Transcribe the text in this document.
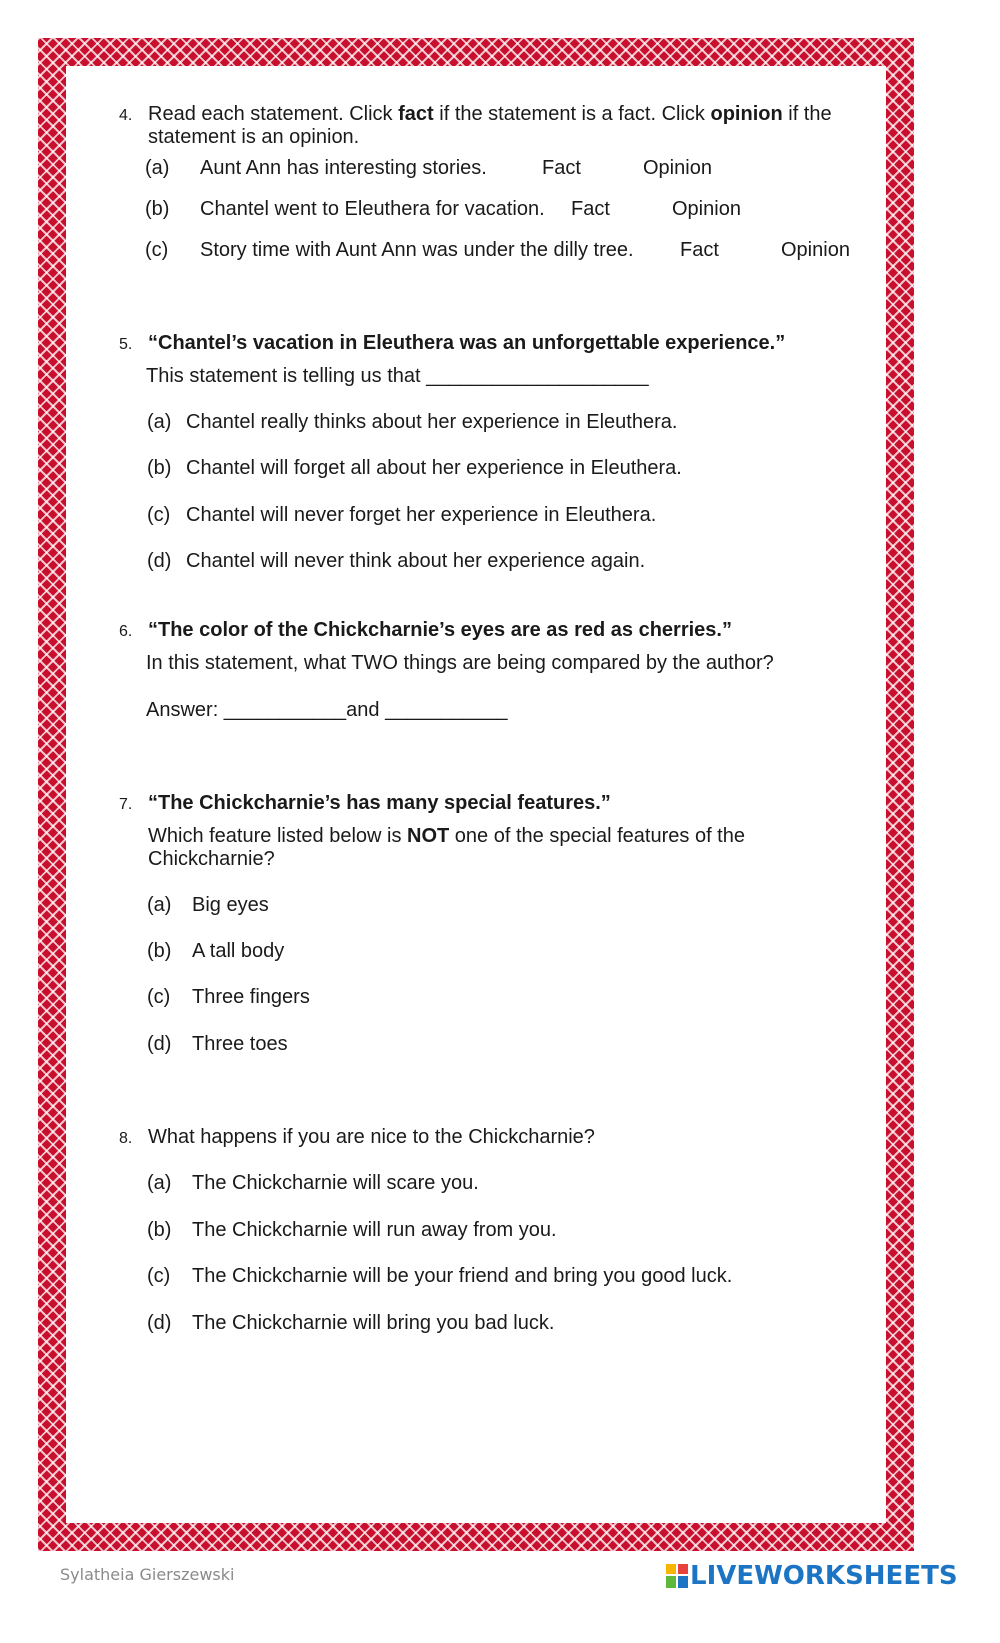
4. Read each statement. Click fact if the statement is a fact. Click opinion if the statement is an opinion.
(a) Aunt Ann has interesting stories.	Fact	Opinion
(b) Chantel went to Eleuthera for vacation. Fact	Opinion
(c) Story time with Aunt Ann was under the dilly tree. Fact	Opinion
5. “Chantel’s vacation in Eleuthera was an unforgettable experience.”
This statement is telling us that ____________________
(a) Chantel really thinks about her experience in Eleuthera.
(b) Chantel will forget all about her experience in Eleuthera.
(c) Chantel will never forget her experience in Eleuthera.
(d) Chantel will never think about her experience again.
6. “The color of the Chickcharnie’s eyes are as red as cherries.”
In this statement, what TWO things are being compared by the author?
Answer: ___________and ___________
7. “The Chickcharnie’s has many special features.”
Which feature listed below is NOT one of the special features of the Chickcharnie?
(a) Big eyes
(b) A tall body
(c) Three fingers
(d) Three toes
8. What happens if you are nice to the Chickcharnie?
(a) The Chickcharnie will scare you.
(b) The Chickcharnie will run away from you.
(c) The Chickcharnie will be your friend and bring you good luck.
(d) The Chickcharnie will bring you bad luck.
Sylatheia Gierszewski	LIVEWORKSHEETS
